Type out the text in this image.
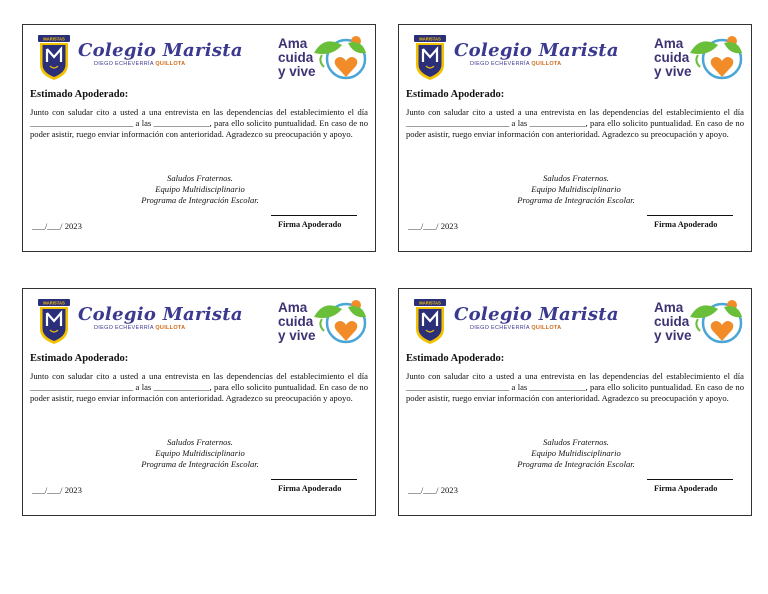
MARISTAS
Colegio Marista
DIEGO ECHEVERRÍA QUILLOTA
Ama
cuida
y vive
Estimado Apoderado:
Junto con saludar cito a usted a una entrevista en las dependencias del establecimiento el día ________________________ a las _____________, para ello solicito puntualidad. En caso de no poder asistir, ruego enviar información con anterioridad. Agradezco su preocupación y apoyo.
Saludos Fraternos.
Equipo Multidisciplinario
Programa de Integración Escolar.
___/___/ 2023	Firma Apoderado
MARISTAS
Colegio Marista
DIEGO ECHEVERRÍA QUILLOTA
Ama
cuida
y vive
Estimado Apoderado:
Junto con saludar cito a usted a una entrevista en las dependencias del establecimiento el día ________________________ a las _____________, para ello solicito puntualidad. En caso de no poder asistir, ruego enviar información con anterioridad. Agradezco su preocupación y apoyo.
Saludos Fraternos.
Equipo Multidisciplinario
Programa de Integración Escolar.
___/___/ 2023	Firma Apoderado
MARISTAS
Colegio Marista
DIEGO ECHEVERRÍA QUILLOTA
Ama
cuida
y vive
Estimado Apoderado:
Junto con saludar cito a usted a una entrevista en las dependencias del establecimiento el día ________________________ a las _____________, para ello solicito puntualidad. En caso de no poder asistir, ruego enviar información con anterioridad. Agradezco su preocupación y apoyo.
Saludos Fraternos.
Equipo Multidisciplinario
Programa de Integración Escolar.
___/___/ 2023	Firma Apoderado
MARISTAS
Colegio Marista
DIEGO ECHEVERRÍA QUILLOTA
Ama
cuida
y vive
Estimado Apoderado:
Junto con saludar cito a usted a una entrevista en las dependencias del establecimiento el día ________________________ a las _____________, para ello solicito puntualidad. En caso de no poder asistir, ruego enviar información con anterioridad. Agradezco su preocupación y apoyo.
Saludos Fraternos.
Equipo Multidisciplinario
Programa de Integración Escolar.
___/___/ 2023	Firma Apoderado
